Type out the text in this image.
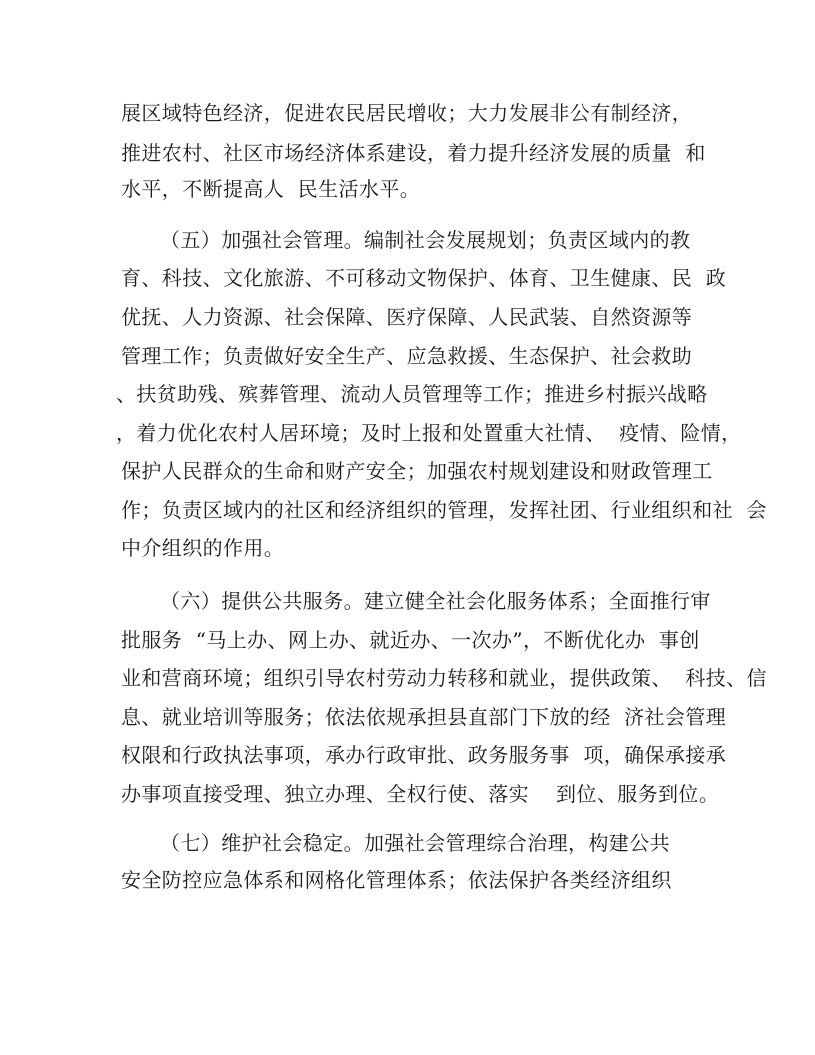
展区域特色经济，促进农民居民增收；大力发展非公有制经济，
推进农村、社区市场经济体系建设，着力提升经济发展的质量  和
水平，不断提高人  民生活水平。
（五）加强社会管理。编制社会发展规划；负责区域内的教
育、科技、文化旅游、不可移动文物保护、体育、卫生健康、民  政
优抚、人力资源、社会保障、医疗保障、人民武装、自然资源等
管理工作；负责做好安全生产、应急救援、生态保护、社会救助
、扶贫助残、殡葬管理、流动人员管理等工作；推进乡村振兴战略
，着力优化农村人居环境；及时上报和处置重大社情、  疫情、险情，
保护人民群众的生命和财产安全；加强农村规划建设和财政管理工
作；负责区域内的社区和经济组织的管理，发挥社团、行业组织和社  会
中介组织的作用。
（六）提供公共服务。建立健全社会化服务体系；全面推行审
批服务  “马上办、网上办、就近办、一次办”，不断优化办  事创
业和营商环境；组织引导农村劳动力转移和就业，提供政策、  科技、信
息、就业培训等服务；依法依规承担县直部门下放的经  济社会管理
权限和行政执法事项，承办行政审批、政务服务事  项，确保承接承
办事项直接受理、独立办理、全权行使、落实    到位、服务到位。
（七）维护社会稳定。加强社会管理综合治理，构建公共
安全防控应急体系和网格化管理体系；依法保护各类经济组织
